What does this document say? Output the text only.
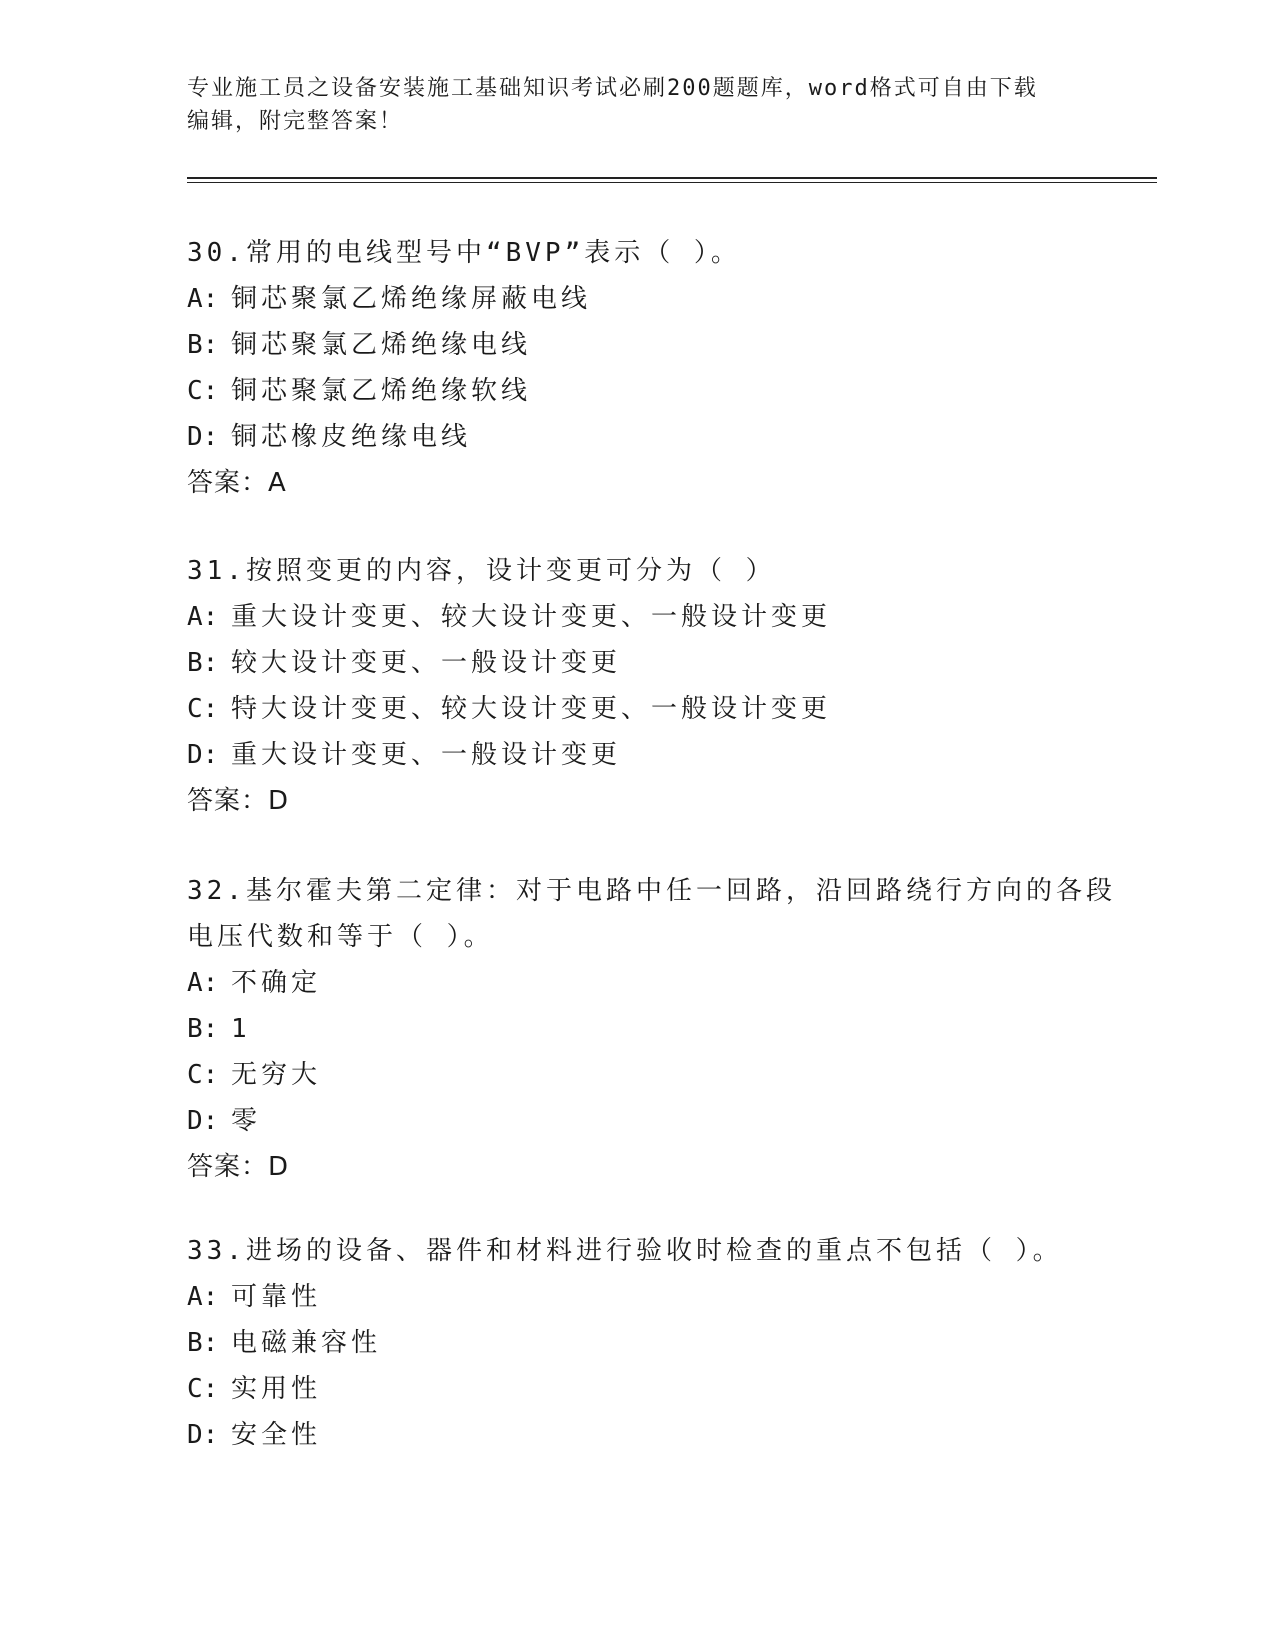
专业施工员之设备安装施工基础知识考试必刷200题题库，word格式可自由下载
编辑，附完整答案！
30.常用的电线型号中“BVP”表示（ ）。
A: 铜芯聚氯乙烯绝缘屏蔽电线
B: 铜芯聚氯乙烯绝缘电线
C: 铜芯聚氯乙烯绝缘软线
D: 铜芯橡皮绝缘电线
答案：A
31.按照变更的内容，设计变更可分为（ ）
A: 重大设计变更、较大设计变更、一般设计变更
B: 较大设计变更、一般设计变更
C: 特大设计变更、较大设计变更、一般设计变更
D: 重大设计变更、一般设计变更
答案：D
32.基尔霍夫第二定律：对于电路中任一回路，沿回路绕行方向的各段
电压代数和等于（ ）。
A: 不确定
B: 1
C: 无穷大
D: 零
答案：D
33.进场的设备、器件和材料进行验收时检查的重点不包括（ ）。
A: 可靠性
B: 电磁兼容性
C: 实用性
D: 安全性
